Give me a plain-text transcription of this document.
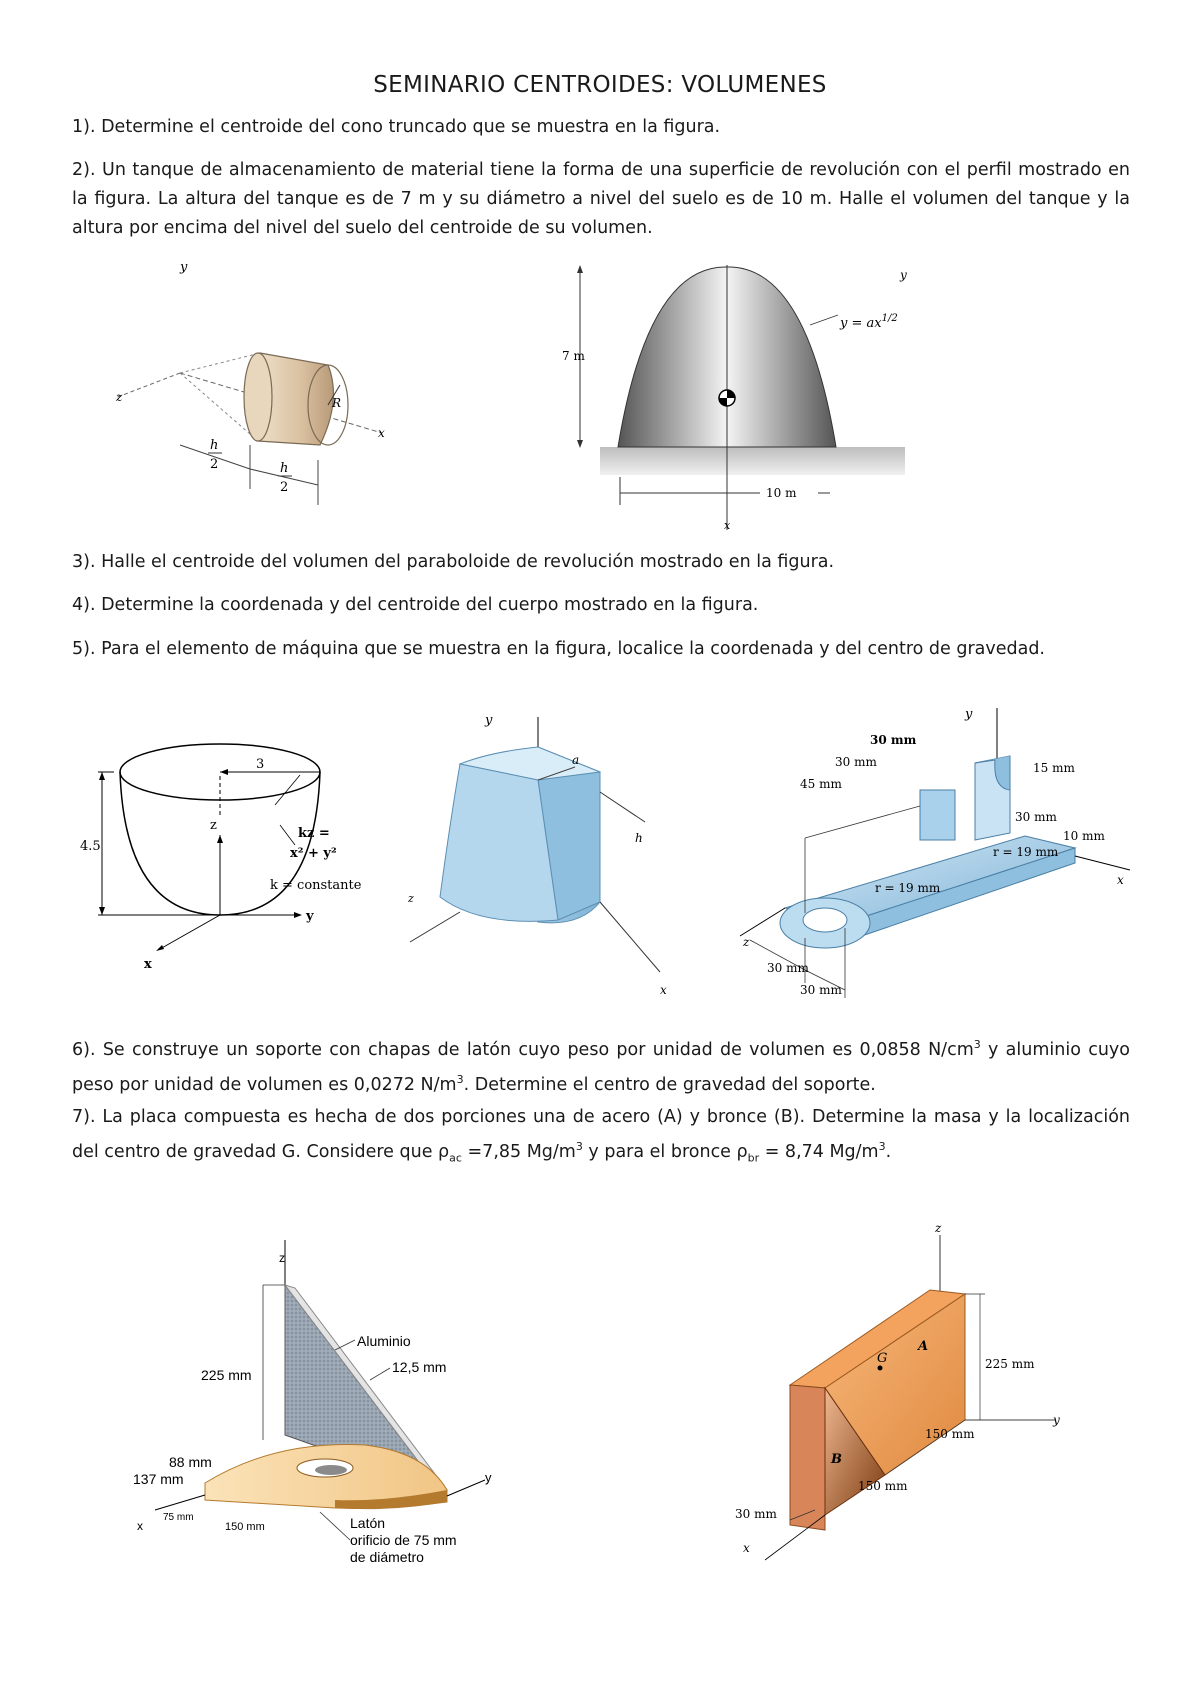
SEMINARIO CENTROIDES: VOLUMENES

1). Determine el centroide del cono truncado que se muestra en la figura.

2). Un tanque de almacenamiento de material tiene la forma de una superficie de revolución con el perfil mostrado en la figura. La altura del tanque es de 7 m y su diámetro a nivel del suelo es de 10 m. Halle el volumen del tanque y la altura por encima del nivel del suelo del centroide de su volumen.

y
z
x
R
h
2	h
2
7 m
y
$y = ax^{1/2}$
10 m
x

3). Halle el centroide del volumen del paraboloide de revolución mostrado en la figura.

4). Determine la coordenada y del centroide del cuerpo mostrado en la figura.

5). Para el elemento de máquina que se muestra en la figura, localice la coordenada y del centro de gravedad.

3
4.5
z
kz =
x² + y²
k = constante
y
x
y
a
h
z
x
y
30 mm
15 mm
30 mm
45 mm
30 mm
10 mm
r = 19 mm
r = 19 mm
z
x
30 mm
30 mm

6). Se construye un soporte con chapas de latón cuyo peso por unidad de volumen es 0,0858 $N/cm^3$ y aluminio cuyo peso por unidad de volumen es 0,0272 $N/m^3$. Determine el centro de gravedad del soporte.

7). La placa compuesta es hecha de dos porciones una de acero (A) y bronce (B). Determine la masa y la localización del centro de gravedad G. Considere que $\rho_{ac} =7,85$ $Mg/m^3$ y para el bronce $\rho_{br} = 8,74$ $Mg/m^3$.

z
Aluminio
225 mm	12,5 mm
88 mm
137 mm	y
x
75 mm
150 mm	Latón
orificio de 75 mm
de diámetro
z
A
G
B
225 mm
150 mm
y
150 mm
30 mm
x
